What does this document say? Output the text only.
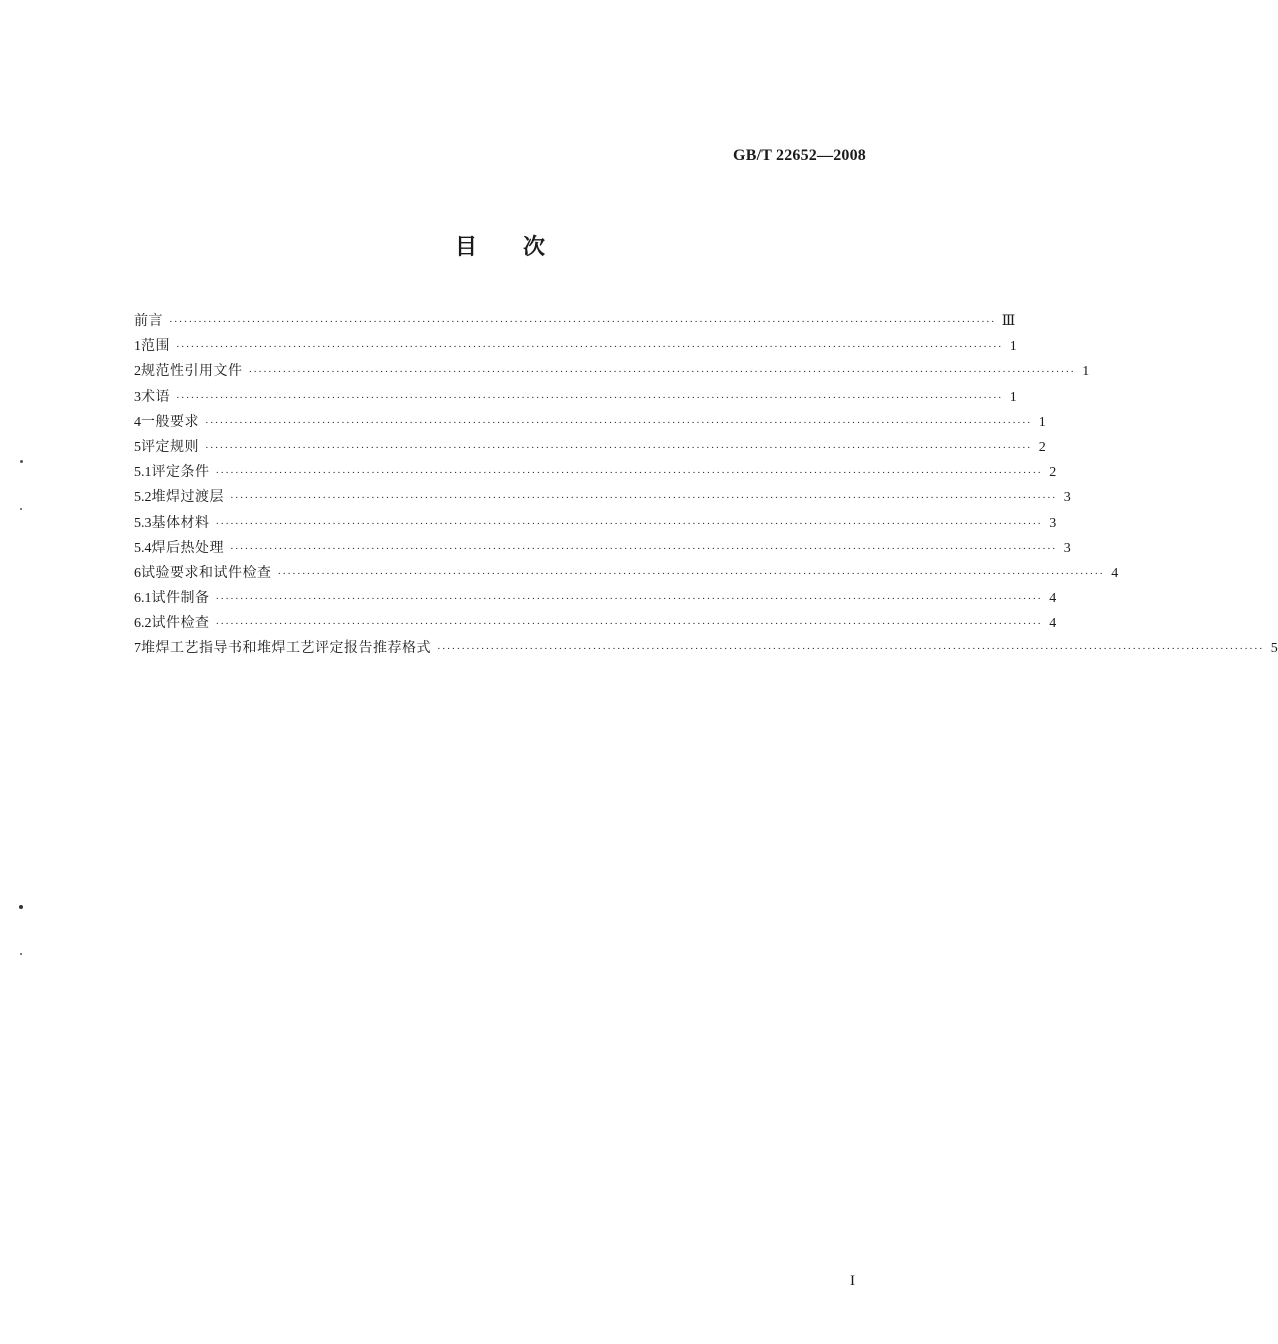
GB/T 22652—2008
目 次
前言 ·········································································································································································· Ⅲ
1 范围 ·········································································································································································· 1
2 规范性引用文件 ·········································································································································································· 1
3 术语 ·········································································································································································· 1
4 一般要求 ·········································································································································································· 1
5 评定规则 ·········································································································································································· 2
5.1 评定条件 ·········································································································································································· 2
5.2 堆焊过渡层 ·········································································································································································· 3
5.3 基体材料 ·········································································································································································· 3
5.4 焊后热处理 ·········································································································································································· 3
6 试验要求和试件检查 ·········································································································································································· 4
6.1 试件制备 ·········································································································································································· 4
6.2 试件检查 ·········································································································································································· 4
7 堆焊工艺指导书和堆焊工艺评定报告推荐格式 ·········································································································································································· 5
I
